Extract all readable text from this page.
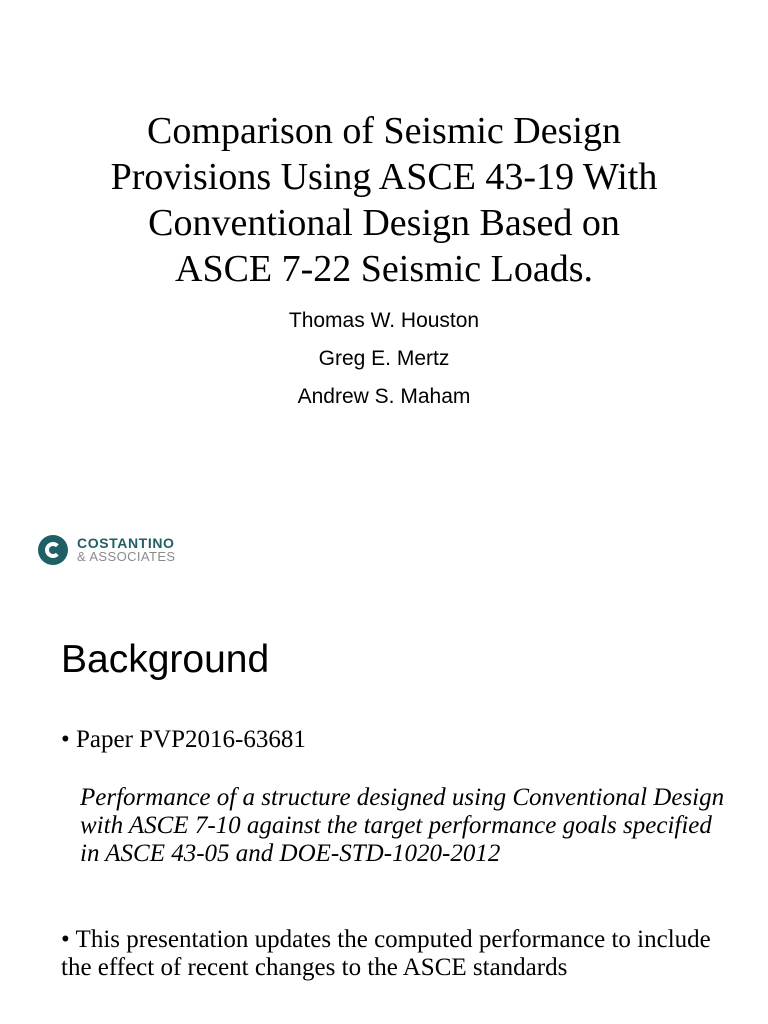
Comparison of Seismic Design
Provisions Using ASCE 43-19 With
Conventional Design Based on
ASCE 7-22 Seismic Loads.
Thomas W. Houston
Greg E. Mertz
Andrew S. Maham
COSTANTINO
& ASSOCIATES
Background

• Paper PVP2016-63681

Performance of a structure designed using Conventional Design with ASCE 7-10 against the target performance goals specified in ASCE 43-05 and DOE-STD-1020-2012

• This presentation updates the computed performance to include the effect of recent changes to the ASCE standards
